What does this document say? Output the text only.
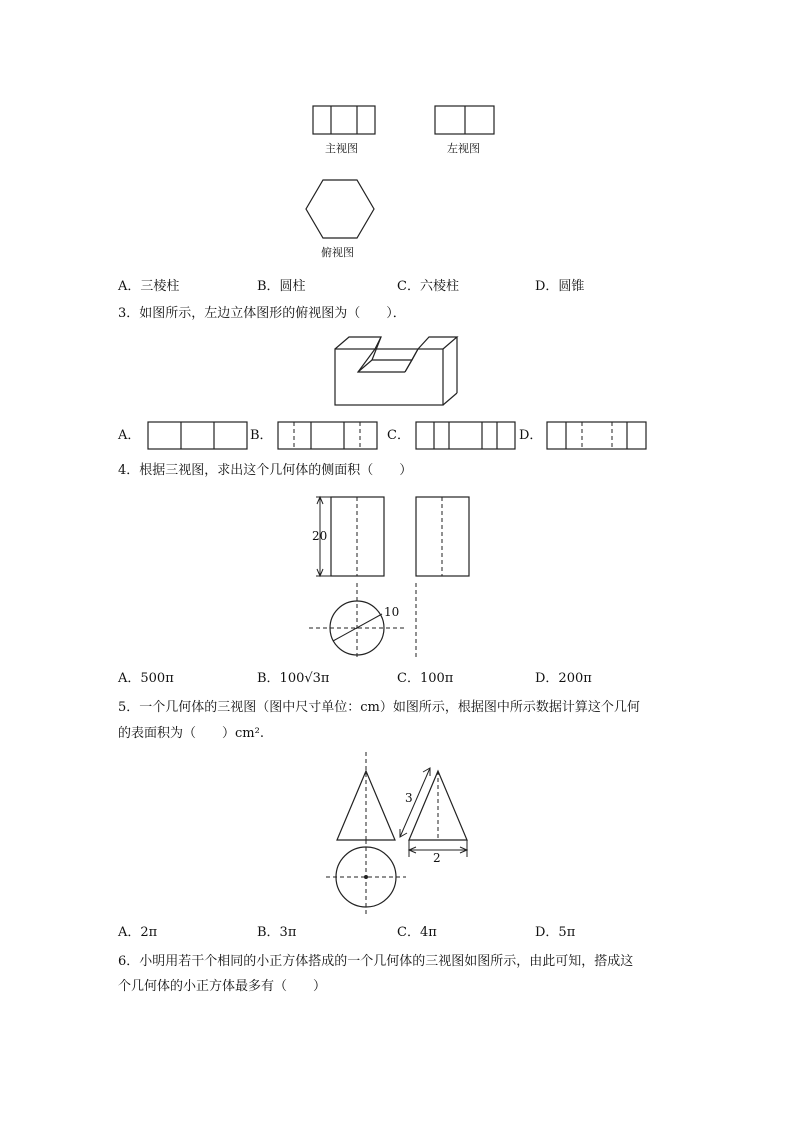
20
10
3
2
主视图	左视图
俯视图
A．三棱柱	B．圆柱	C．六棱柱	D．圆锥
3．如图所示，左边立体图形的俯视图为（　　）．
A．	B．	C．	D．
4．根据三视图，求出这个几何体的侧面积（　　）
A．500π	B．100√3π	C．100π	D．200π
5．一个几何体的三视图（图中尺寸单位：cm）如图所示，根据图中所示数据计算这个几何
的表面积为（　　）cm².
A．2π	B．3π	C．4π	D．5π
6．小明用若干个相同的小正方体搭成的一个几何体的三视图如图所示，由此可知，搭成这
个几何体的小正方体最多有（　　）
